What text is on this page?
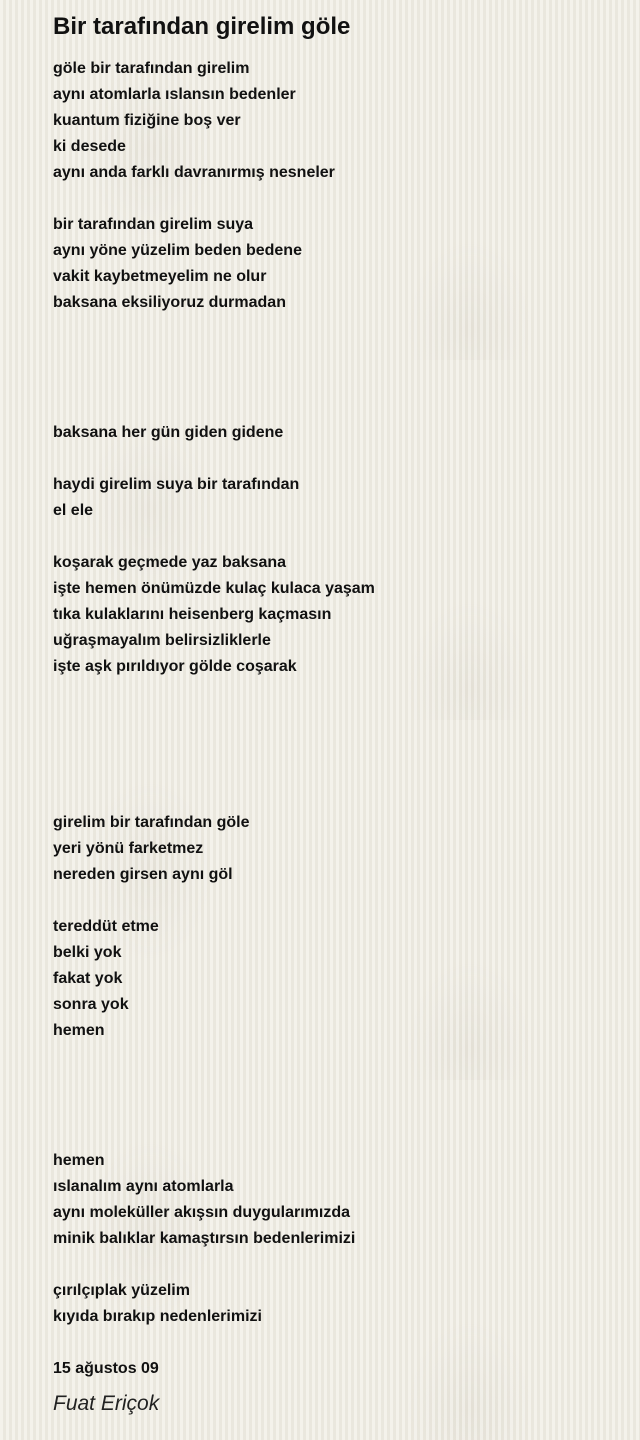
Bir tarafından girelim göle
göle bir tarafından girelim
aynı atomlarla ıslansın bedenler
kuantum fiziğine boş ver
ki desede
aynı anda farklı davranırmış nesneler
bir tarafından girelim suya
aynı yöne yüzelim beden bedene
vakit kaybetmeyelim ne olur
baksana eksiliyoruz durmadan
baksana her gün giden gidene
haydi girelim suya bir tarafından
el ele
koşarak geçmede yaz baksana
işte hemen önümüzde kulaç kulaca yaşam
tıka kulaklarını heisenberg kaçmasın
uğraşmayalım belirsizliklerle
işte aşk pırıldıyor gölde coşarak
girelim bir tarafından göle
yeri yönü farketmez
nereden girsen aynı göl
tereddüt etme
belki yok
fakat yok
sonra yok
hemen
hemen
ıslanalım aynı atomlarla
aynı moleküller akışsın duygularımızda
minik balıklar kamaştırsın bedenlerimizi
çırılçıplak yüzelim
kıyıda bırakıp nedenlerimizi
15 ağustos 09
Fuat Eriçok
